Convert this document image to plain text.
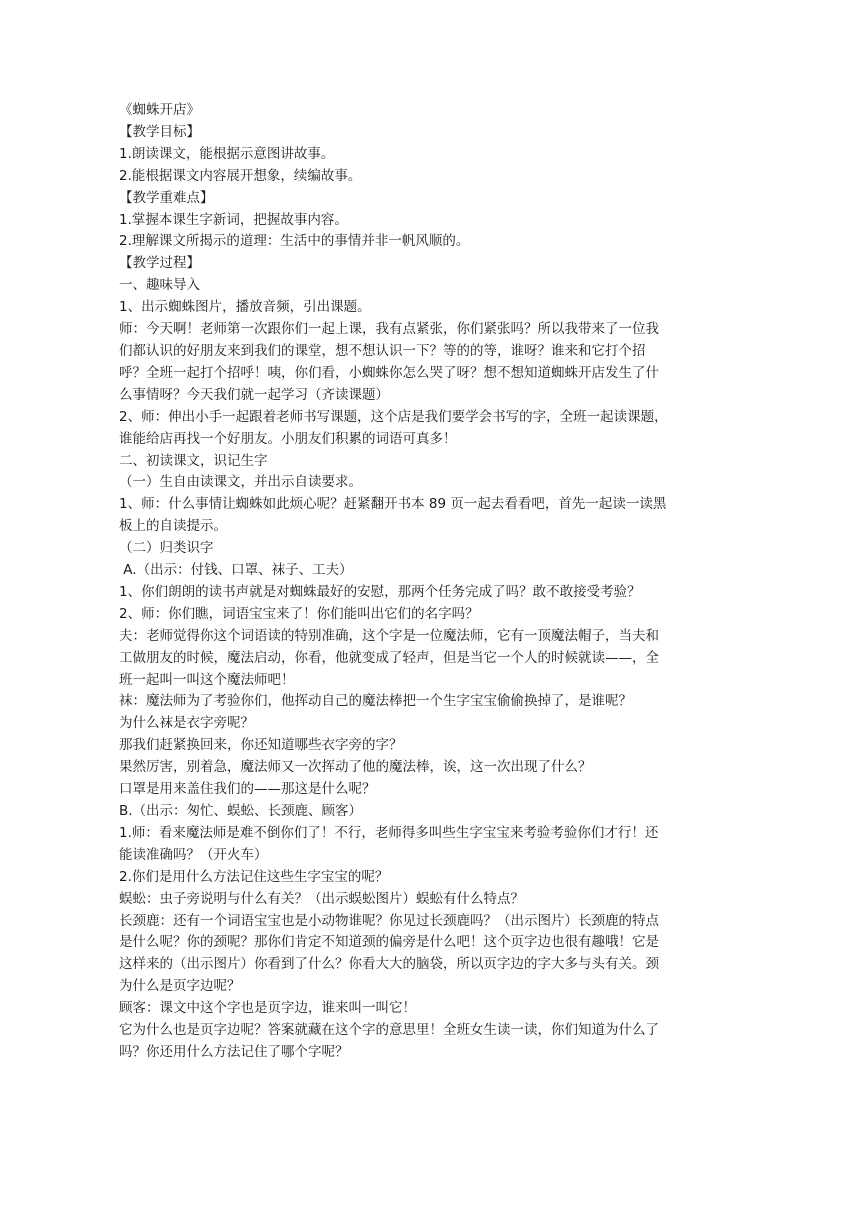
《蜘蛛开店》
【教学目标】
1.朗读课文，能根据示意图讲故事。
2.能根据课文内容展开想象，续编故事。
【教学重难点】
1.掌握本课生字新词，把握故事内容。
2.理解课文所揭示的道理：生活中的事情并非一帆风顺的。
【教学过程】
一、趣味导入
1、出示蜘蛛图片，播放音频，引出课题。
师：今天啊！老师第一次跟你们一起上课，我有点紧张，你们紧张吗？所以我带来了一位我
们都认识的好朋友来到我们的课堂，想不想认识一下？等的的等，谁呀？谁来和它打个招
呼？全班一起打个招呼！咦，你们看，小蜘蛛你怎么哭了呀？想不想知道蜘蛛开店发生了什
么事情呀？今天我们就一起学习（齐读课题）
2、师：伸出小手一起跟着老师书写课题，这个店是我们要学会书写的字，全班一起读课题，
谁能给店再找一个好朋友。小朋友们积累的词语可真多！
二、初读课文，识记生字
（一）生自由读课文，并出示自读要求。
1、师：什么事情让蜘蛛如此烦心呢？赶紧翻开书本 89 页一起去看看吧，首先一起读一读黑
板上的自读提示。
（二）归类识字
A.（出示：付钱、口罩、袜子、工夫）
1、你们朗朗的读书声就是对蜘蛛最好的安慰，那两个任务完成了吗？敢不敢接受考验？
2、师：你们瞧，词语宝宝来了！你们能叫出它们的名字吗？
夫：老师觉得你这个词语读的特别准确，这个字是一位魔法师，它有一顶魔法帽子，当夫和
工做朋友的时候，魔法启动，你看，他就变成了轻声，但是当它一个人的时候就读——，全
班一起叫一叫这个魔法师吧！
袜：魔法师为了考验你们，他挥动自己的魔法棒把一个生字宝宝偷偷换掉了，是谁呢？
为什么袜是衣字旁呢？
那我们赶紧换回来，你还知道哪些衣字旁的字？
果然厉害，别着急，魔法师又一次挥动了他的魔法棒，诶，这一次出现了什么？
口罩是用来盖住我们的——那这是什么呢？
B.（出示：匆忙、蜈蚣、长颈鹿、顾客）
1.师：看来魔法师是难不倒你们了！不行，老师得多叫些生字宝宝来考验考验你们才行！还
能读准确吗？（开火车）
2.你们是用什么方法记住这些生字宝宝的呢？
蜈蚣：虫子旁说明与什么有关？（出示蜈蚣图片）蜈蚣有什么特点？
长颈鹿：还有一个词语宝宝也是小动物谁呢？你见过长颈鹿吗？（出示图片）长颈鹿的特点
是什么呢？你的颈呢？那你们肯定不知道颈的偏旁是什么吧！这个页字边也很有趣哦！它是
这样来的（出示图片）你看到了什么？你看大大的脑袋，所以页字边的字大多与头有关。颈
为什么是页字边呢？
顾客：课文中这个字也是页字边，谁来叫一叫它！
它为什么也是页字边呢？答案就藏在这个字的意思里！全班女生读一读，你们知道为什么了
吗？你还用什么方法记住了哪个字呢？
